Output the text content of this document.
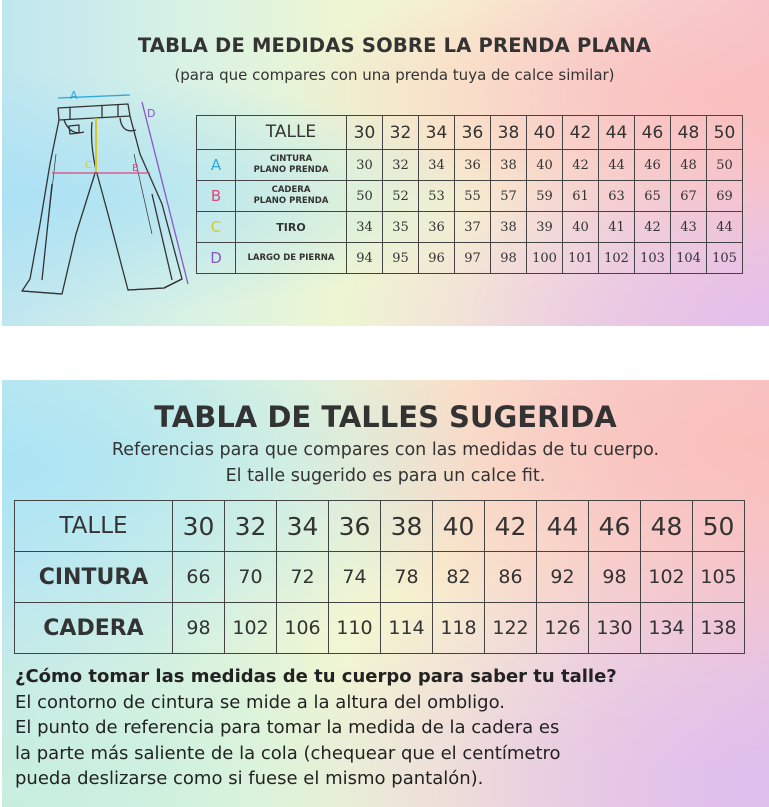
TABLA DE MEDIDAS SOBRE LA PRENDA PLANA
(para que compares con una prenda tuya de calce similar)
A
D
B
C
	TALLE	30	32	34	36	38	40	42	44	46	48	50
A	CINTURA
PLANO PRENDA	30	32	34	36	38	40	42	44	46	48	50
B	CADERA
PLANO PRENDA	50	52	53	55	57	59	61	63	65	67	69
C	TIRO	34	35	36	37	38	39	40	41	42	43	44
D	LARGO DE PIERNA	94	95	96	97	98	100	101	102	103	104	105
TABLA DE TALLES SUGERIDA
Referencias para que compares con las medidas de tu cuerpo.
El talle sugerido es para un calce fit.
TALLE	30	32	34	36	38	40	42	44	46	48	50
CINTURA	66	70	72	74	78	82	86	92	98	102	105
CADERA	98	102	106	110	114	118	122	126	130	134	138
¿Cómo tomar las medidas de tu cuerpo para saber tu talle?
El contorno de cintura se mide a la altura del ombligo.
El punto de referencia para tomar la medida de la cadera es
la parte más saliente de la cola (chequear que el centímetro
pueda deslizarse como si fuese el mismo pantalón).
